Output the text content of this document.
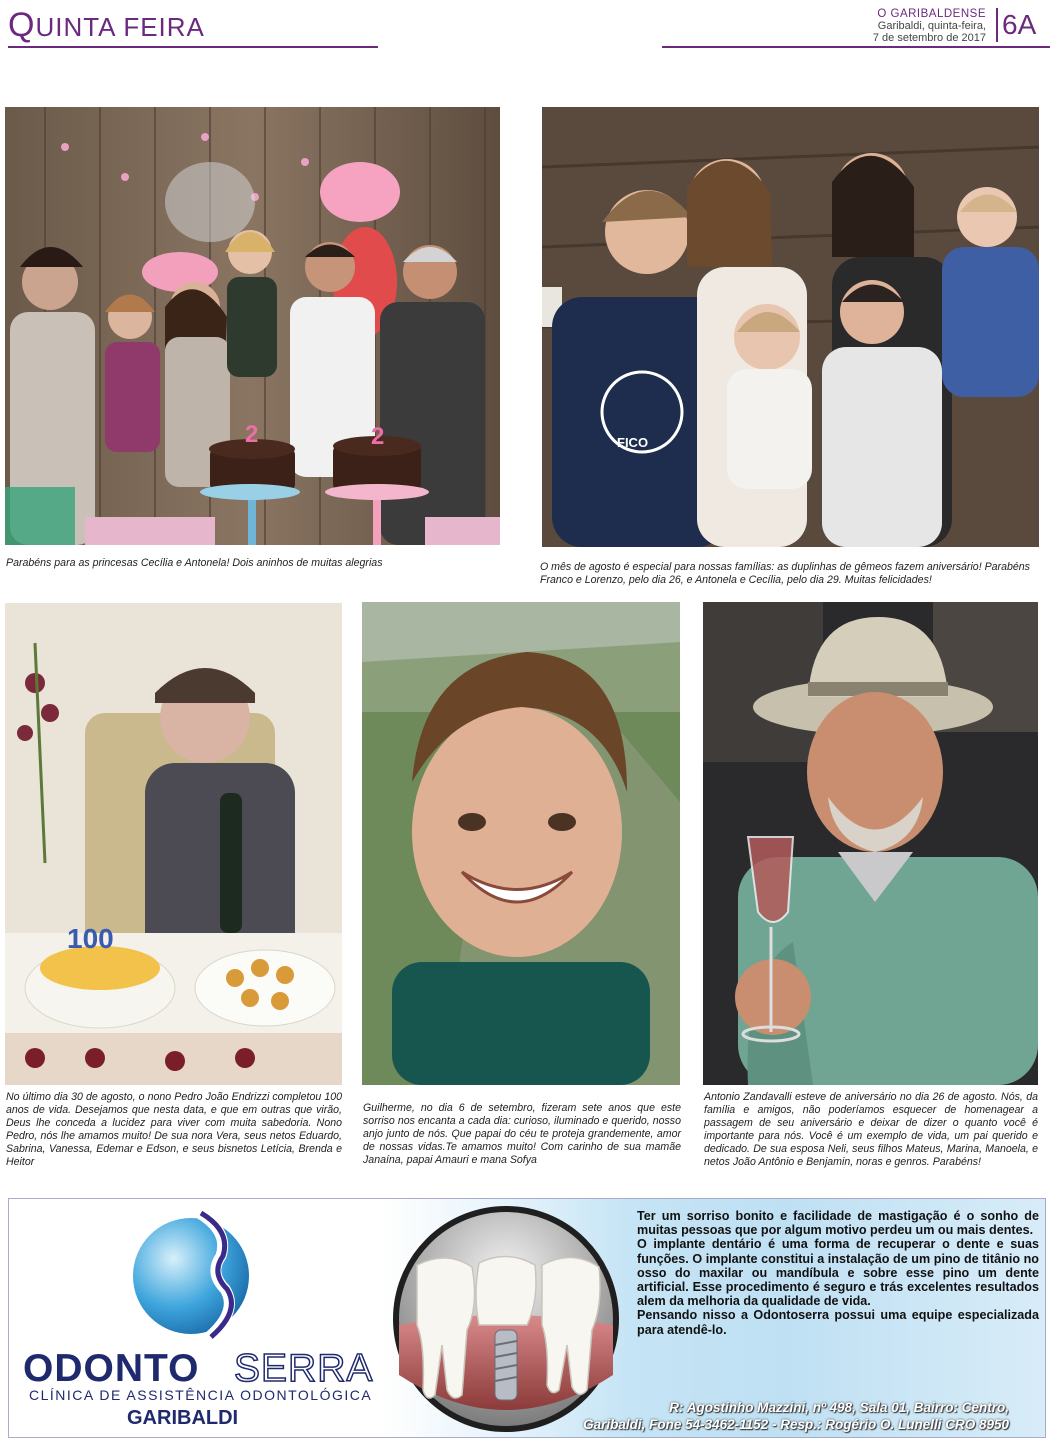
QUINTA FEIRA	O GARIBALDENSE
Garibaldi, quinta-feira,
7 de setembro de 2017 6A
2	2
Parabéns para as princesas Cecília e Antonela! Dois aninhos de muitas alegrias
FICO
O mês de agosto é especial para nossas famílias: as duplinhas de gêmeos fazem aniversário! Parabéns Franco e Lorenzo, pelo dia 26, e Antonela e Cecília, pelo dia 29. Muitas felicidades!
100
No último dia 30 de agosto, o nono Pedro João Endrizzi completou 100 anos de vida. Desejamos que nesta data, e que em outras que virão, Deus lhe conceda a lucidez para viver com muita sabedoria. Nono Pedro, nós lhe amamos muito! De sua nora Vera, seus netos Eduardo, Sabrina, Vanessa, Edemar e Edson, e seus bisnetos Letícia, Brenda e Heitor
Guilherme, no dia 6 de setembro, fizeram sete anos que este sorriso nos encanta a cada dia: curioso, iluminado e querido, nosso anjo junto de nós. Que papai do céu te proteja grandemente, amor de nossas vidas.Te amamos muito! Com carinho de sua mamãe Janaína, papai Amauri e mana Sofya
Antonio Zandavalli esteve de aniversário no dia 26 de agosto. Nós, da família e amigos, não poderíamos esquecer de homenagear a passagem de seu aniversário e deixar de dizer o quanto você é importante para nós. Você é um exemplo de vida, um pai querido e dedicado. De sua esposa Neli, seus filhos Mateus, Marina, Manoela, e netos João Antônio e Benjamin, noras e genros. Parabéns!
ODONTO SERRA
CLÍNICA DE ASSISTÊNCIA ODONTOLÓGICA
GARIBALDI
Ter um sorriso bonito e facilidade de mastigação é o sonho de muitas pessoas que por algum motivo perdeu um ou mais dentes.
O implante dentário é uma forma de recuperar o dente e suas funções. O implante constitui a instalação de um pino de titânio no osso do maxilar ou mandíbula e sobre esse pino um dente artificial. Esse procedimento é seguro e trás excelentes resultados alem da melhoria da qualidade de vida.
Pensando nisso a Odontoserra possui uma equipe especializada para atendê-lo.
R: Agostinho Mazzini, nº 498, Sala 01, Bairro: Centro,
Garibaldi, Fone 54-3462-1152 - Resp.: Rogério O. Lunelli CRO 8950
